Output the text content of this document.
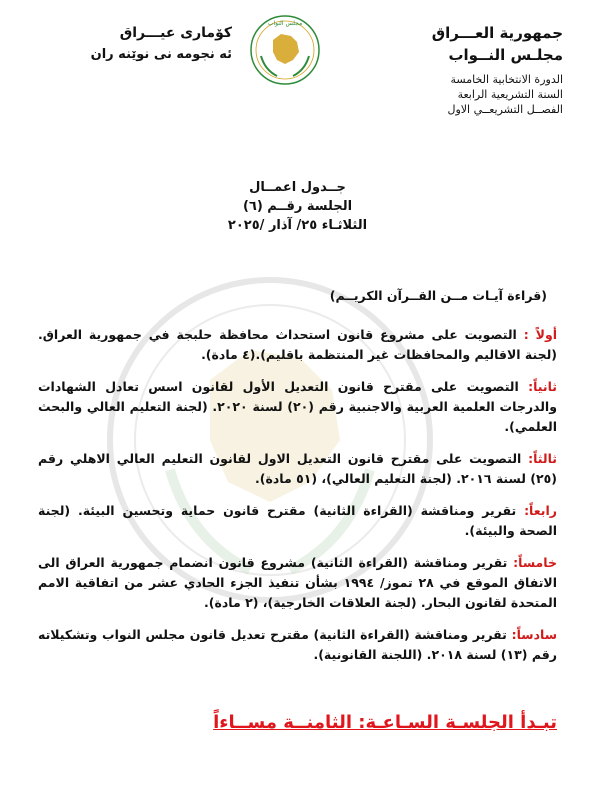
جمهورية العـــراق
مجلـس النــواب
الدورة الانتخابية الخامسة
السنة التشريعية الرابعة
الفصــل التشريعــي الاول
كۆمارى عيـــراق
ئه نجومه نى نوێنه ران
مجلس النواب
جــدول اعمــال
الجلسة رقــم (٦)
الثلاثـاء ٢٥/ آذار /٢٠٢٥
(قراءة آيـات مــن القــرآن الكريــم)
أولاً : التصويت على مشروع قانون استحداث محافظة حلبجة في جمهورية العراق. (لجنة الاقاليم والمحافظات غير المنتظمة باقليم).(٤ مادة).
ثانياً: التصويت على مقترح قانون التعديل الأول لقانون اسس تعادل الشهادات والدرجات العلمية العربية والاجنبية رقم (٢٠) لسنة ٢٠٢٠. (لجنة التعليم العالي والبحث العلمي).
ثالثاً: التصويت على مقترح قانون التعديل الاول لقانون التعليم العالي الاهلي رقم (٢٥) لسنة ٢٠١٦. (لجنة التعليم العالي)، (٥١ مادة).
رابعاً: تقرير ومناقشة (القراءة الثانية) مقترح قانون حماية وتحسين البيئة. (لجنة الصحة والبيئة).
خامساً: تقرير ومناقشة (القراءة الثانية) مشروع قانون انضمام جمهورية العراق الى الاتفاق الموقع في ٢٨ تموز/ ١٩٩٤ بشأن تنفيذ الجزء الحادي عشر من اتفاقية الامم المتحدة لقانون البحار. (لجنة العلاقات الخارجية)، (٢ مادة).
سادساً: تقرير ومناقشة (القراءة الثانية) مقترح تعديل قانون مجلس النواب وتشكيلاته رقم (١٣) لسنة ٢٠١٨. (اللجنة القانونية).
تبـدأ الجلسـة السـاعـة: الثامنــة مســاءاً
